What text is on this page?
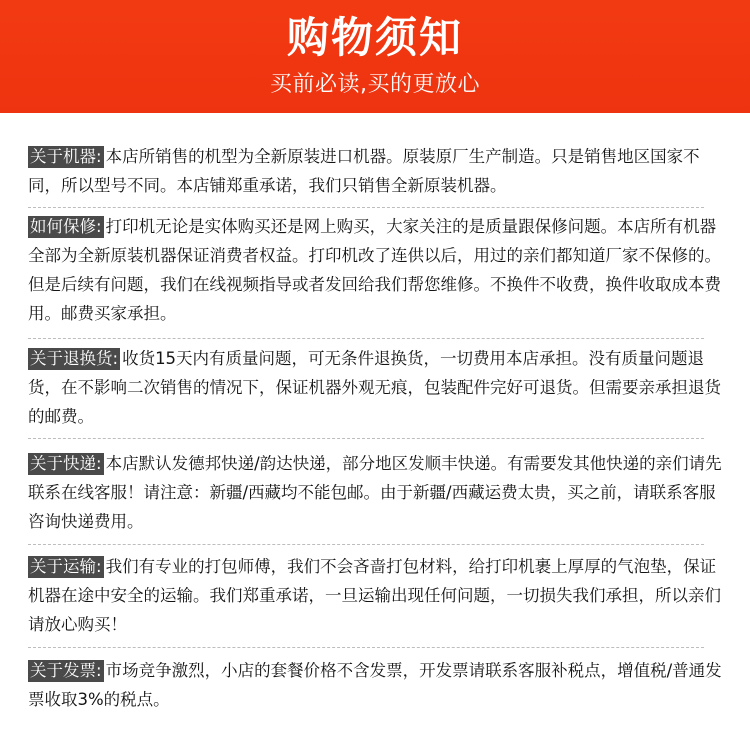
购物须知
买前必读,买的更放心
关于机器: 本店所销售的机型为全新原装进口机器。原装原厂生产制造。只是销售地区国家不同，所以型号不同。本店铺郑重承诺，我们只销售全新原装机器。
如何保修: 打印机无论是实体购买还是网上购买，大家关注的是质量跟保修问题。本店所有机器全部为全新原装机器保证消费者权益。打印机改了连供以后，用过的亲们都知道厂家不保修的。但是后续有问题，我们在线视频指导或者发回给我们帮您维修。不换件不收费，换件收取成本费用。邮费买家承担。
关于退换货: 收货15天内有质量问题，可无条件退换货，一切费用本店承担。没有质量问题退货，在不影响二次销售的情况下，保证机器外观无痕，包装配件完好可退货。但需要亲承担退货的邮费。
关于快递: 本店默认发德邦快递/韵达快递，部分地区发顺丰快递。有需要发其他快递的亲们请先联系在线客服！请注意：新疆/西藏均不能包邮。由于新疆/西藏运费太贵，买之前，请联系客服咨询快递费用。
关于运输: 我们有专业的打包师傅，我们不会吝啬打包材料，给打印机裹上厚厚的气泡垫，保证机器在途中安全的运输。我们郑重承诺，一旦运输出现任何问题，一切损失我们承担，所以亲们请放心购买！
关于发票: 市场竞争激烈，小店的套餐价格不含发票，开发票请联系客服补税点，增值税/普通发票收取3%的税点。
